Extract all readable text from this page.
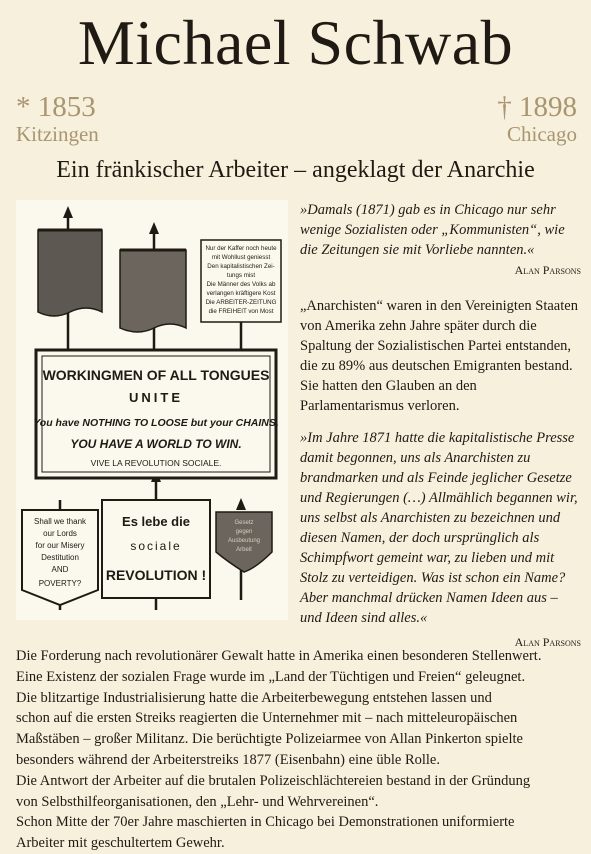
Michael Schwab
* 1853
Kitzingen
† 1898
Chicago
Ein fränkischer Arbeiter – angeklagt der Anarchie
Nur der Kaffer noch heute
mit Wohllust geniesst
Den kapitalistischen Zei-
tungs mist
Die Männer des Volks ab
verlangen kräftigere Kost
Die ARBEITER-ZEITUNG
die FREIHEIT von Most
WORKINGMEN OF ALL TONGUES
UNITE
You have NOTHING TO LOOSE but your CHAINS,
YOU HAVE A WORLD TO WIN.
VIVE LA REVOLUTION SOCIALE.
Shall we thank
our Lords
for our Misery
Destitution
AND
POVERTY?
Es lebe die
sociale
REVOLUTION !
Gesetz
gegen
Ausbeutung
Arbeit

»Damals (1871) gab es in Chicago nur sehr wenige Sozialisten oder „Kommunisten“, wie die Zeitungen sie mit Vorliebe nannten.«

Alan Parsons

„Anarchisten“ waren in den Vereinigten Staaten von Amerika zehn Jahre später durch die Spaltung der Sozialistischen Partei entstanden, die zu 89% aus deutschen Emigranten bestand. Sie hatten den Glauben an den Parlamentarismus verloren.

»Im Jahre 1871 hatte die kapitalistische Presse damit begonnen, uns als Anarchisten zu brandmarken und als Feinde jeglicher Gesetze und Regierungen (…) Allmählich begannen wir, uns selbst als Anarchisten zu bezeichnen und diesen Namen, der doch ursprünglich als Schimpfwort gemeint war, zu lieben und mit Stolz zu verteidigen. Was ist schon ein Name? Aber manchmal drücken Namen Ideen aus – und Ideen sind alles.«

Alan Parsons

Die Forderung nach revolutionärer Gewalt hatte in Amerika einen besonderen Stellenwert.

Eine Existenz der sozialen Frage wurde im „Land der Tüchtigen und Freien“ geleugnet.

Die blitzartige Industrialisierung hatte die Arbeiterbewegung entstehen lassen und

schon auf die ersten Streiks reagierten die Unternehmer mit – nach mitteleuropäischen

Maßstäben – großer Militanz. Die berüchtigte Polizeiarmee von Allan Pinkerton spielte

besonders während der Arbeiterstreiks 1877 (Eisenbahn) eine üble Rolle.

Die Antwort der Arbeiter auf die brutalen Polizeischlächtereien bestand in der Gründung

von Selbsthilfeorganisationen, den „Lehr- und Wehrvereinen“.

Schon Mitte der 70er Jahre maschierten in Chicago bei Demonstrationen uniformierte

Arbeiter mit geschultertem Gewehr.
